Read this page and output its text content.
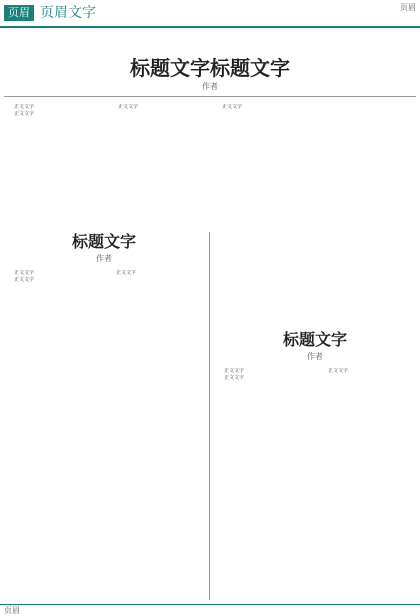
页眉 页眉文字	页眉
标题文字标题文字
作者

正文文字

正文文字

正文文字	正文文字

标题文字
作者

正文文字

正文文字

正文文字

标题文字
作者

正文文字

正文文字

正文文字

页眉
